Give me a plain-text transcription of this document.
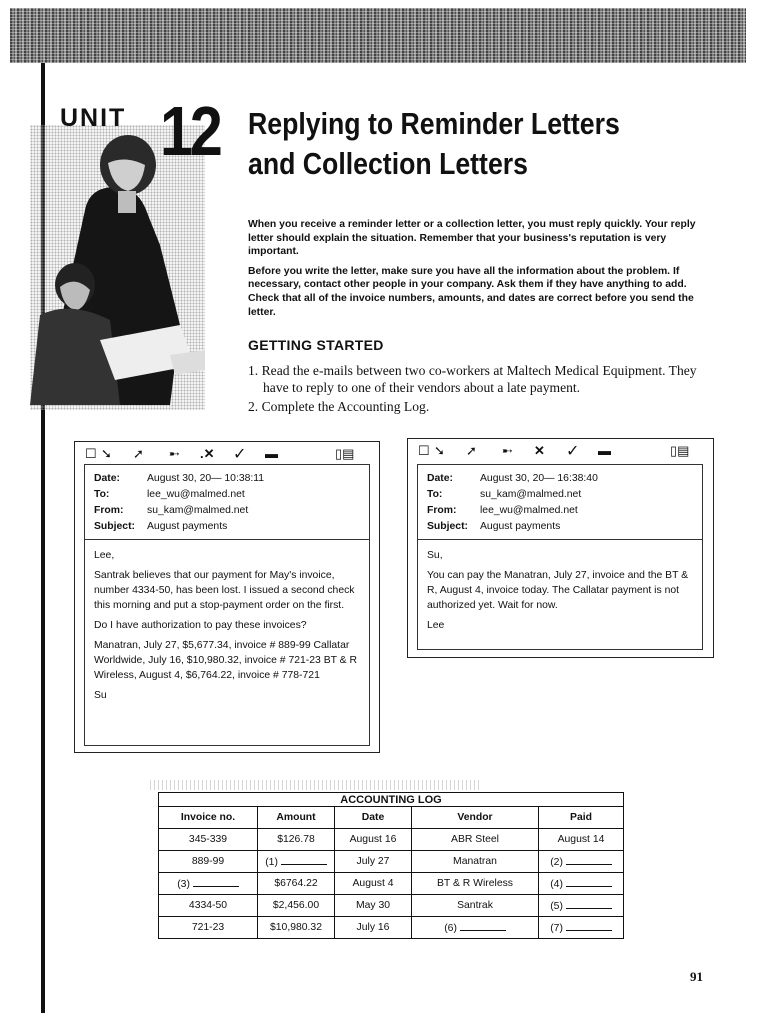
UNIT 12 Replying to Reminder Letters
and Collection Letters

When you receive a reminder letter or a collection letter, you must reply quickly. Your reply letter should explain the situation. Remember that your business's reputation is very important.

Before you write the letter, make sure you have all the information about the problem. If necessary, contact other people in your company. Ask them if they have anything to add. Check that all of the invoice numbers, amounts, and dates are correct before you send the letter.

GETTING STARTED
1. Read the e-mails between two co-workers at Maltech Medical Equipment. They have to reply to one of their vendors about a late payment.
2. Complete the Accounting Log.
☐ ➘ ➚ ➸ .✕ ✓ ▬	▯▤
Date:	August 30, 20— 10:38:11
To:	lee_wu@malmed.net
From:	su_kam@malmed.net
Subject:	August payments

Lee,

Santrak believes that our payment for May's invoice, number 4334-50, has been lost. I issued a second check this morning and put a stop-payment order on the first.

Do I have authorization to pay these invoices?

Manatran, July 27, $5,677.34, invoice # 889-99 Callatar Worldwide, July 16, $10,980.32, invoice # 721-23 BT & R Wireless, August 4, $6,764.22, invoice # 778-721

Su

☐ ➘ ➚ ➸ ✕ ✓ ▬	▯▤
Date:	August 30, 20— 16:38:40
To:	su_kam@malmed.net
From:	lee_wu@malmed.net
Subject:	August payments

Su,

You can pay the Manatran, July 27, invoice and the BT & R, August 4, invoice today. The Callatar payment is not authorized yet. Wait for now.

Lee

ACCOUNTING LOG				
Invoice no.	Amount	Date	Vendor	Paid
345-339	$126.78	August 16	ABR Steel	August 14
889-99	(1)	July 27	Manatran	(2)
(3)	$6764.22	August 4	BT & R Wireless	(4)
4334-50	$2,456.00	May 30	Santrak	(5)
721-23	$10,980.32	July 16	(6)	(7)
91
